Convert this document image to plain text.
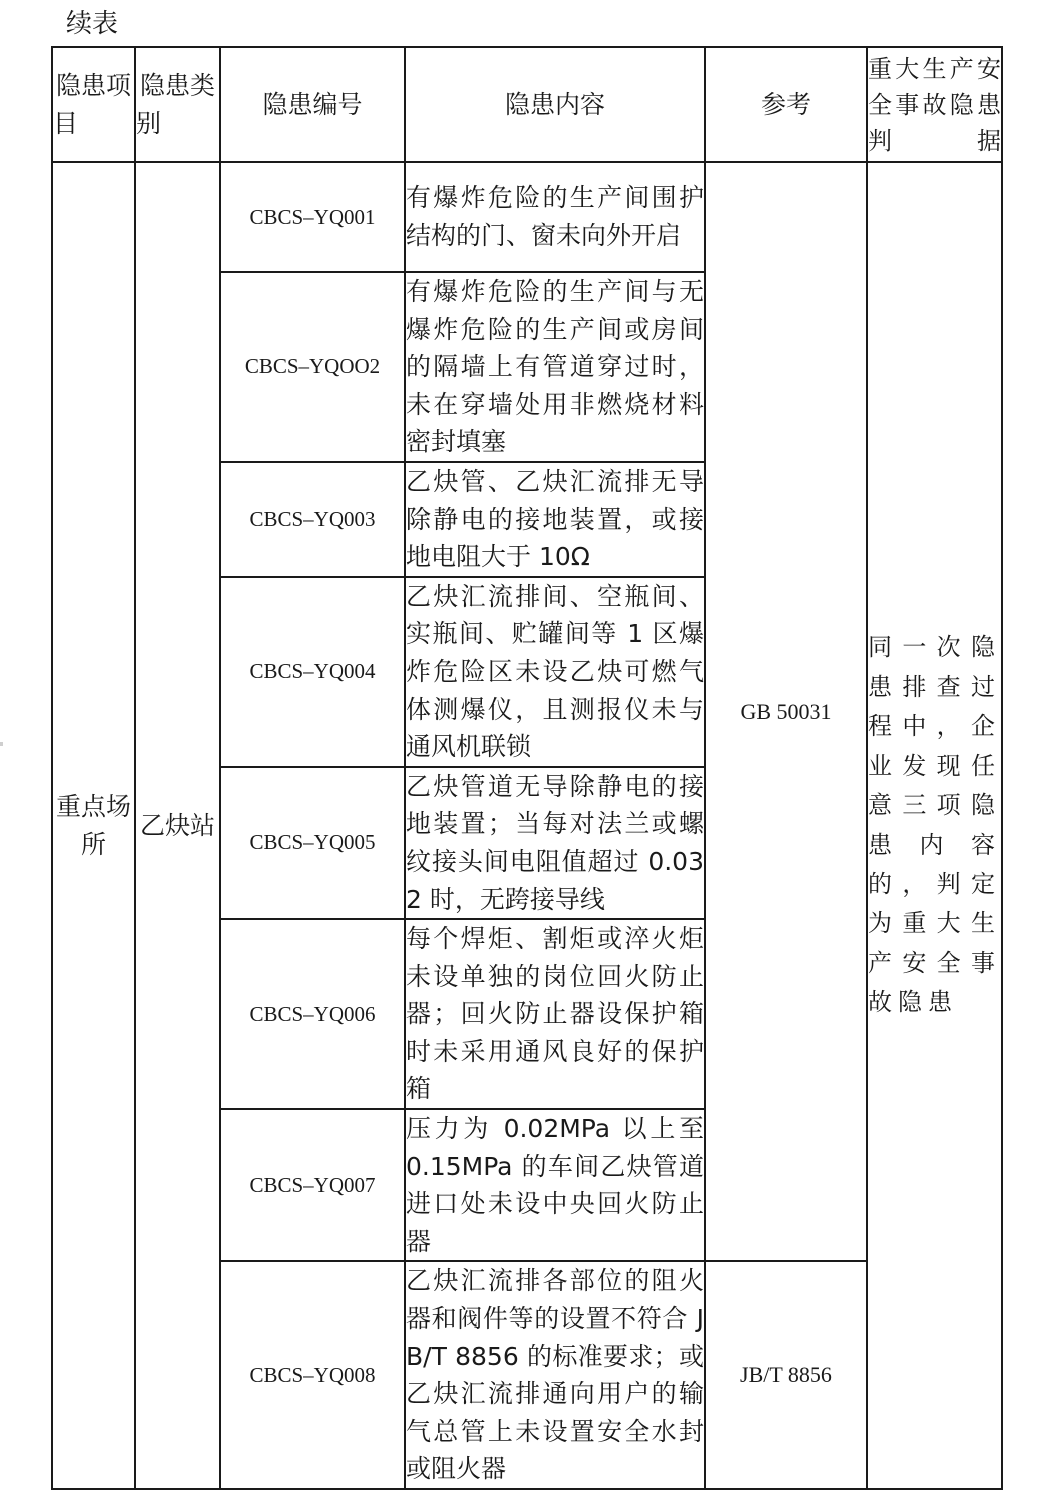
续表
隐患项目	隐患类别	隐患编号	隐患内容	参考	重大生产安全事故隐患判据
重点场所	乙炔站	CBCS–YQ001	有爆炸危险的生产间围护结构的门、窗未向外开启	GB 50031	同一次隐患排查过程中，企业发现任意三项隐患内容的，判定为重大生产安全事故隐患
		CBCS–YQOO2	有爆炸危险的生产间与无爆炸危险的生产间或房间的隔墙上有管道穿过时，未在穿墙处用非燃烧材料密封填塞		
		CBCS–YQ003	乙炔管、乙炔汇流排无导除静电的接地装置，或接地电阻大于 10Ω		
		CBCS–YQ004	乙炔汇流排间、空瓶间、实瓶间、贮罐间等 1 区爆炸危险区未设乙炔可燃气体测爆仪，且测报仪未与通风机联锁		
		CBCS–YQ005	乙炔管道无导除静电的接地装置；当每对法兰或螺纹接头间电阻值超过 0.032 时，无跨接导线		
		CBCS–YQ006	每个焊炬、割炬或淬火炬未设单独的岗位回火防止器；回火防止器设保护箱时未采用通风良好的保护箱		
		CBCS–YQ007	压力为 0.02MPa 以上至 0.15MPa 的车间乙炔管道进口处未设中央回火防止器		
		CBCS–YQ008	乙炔汇流排各部位的阻火器和阀件等的设置不符合 JB/T 8856 的标准要求；或乙炔汇流排通向用户的输气总管上未设置安全水封或阻火器	JB/T 8856	
